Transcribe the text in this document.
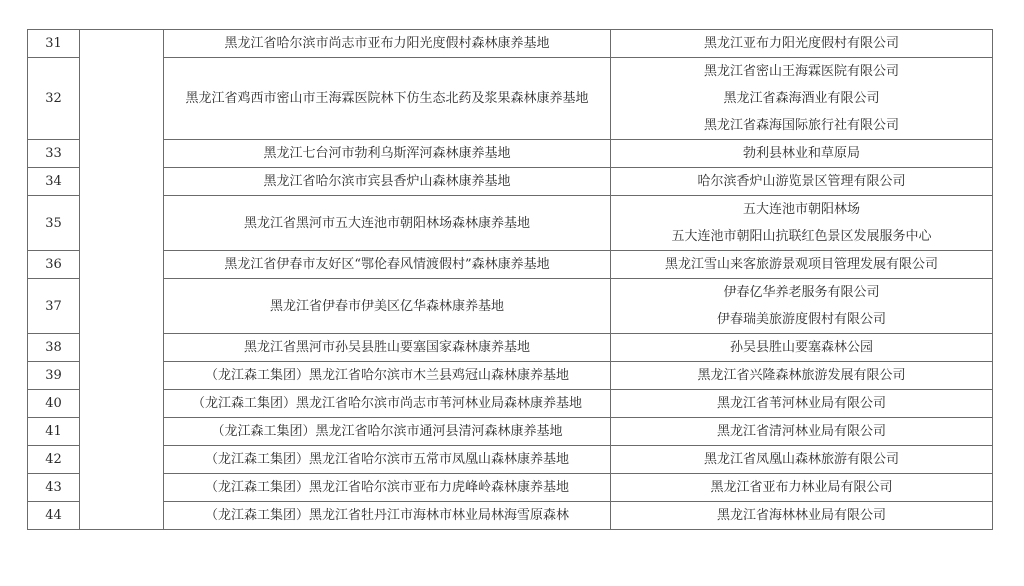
31		黑龙江省哈尔滨市尚志市亚布力阳光度假村森林康养基地	黑龙江亚布力阳光度假村有限公司

32		黑龙江省鸡西市密山市王海霖医院林下仿生态北药及浆果森林康养基地	黑龙江省密山王海霖医院有限公司
黑龙江省森海酒业有限公司
黑龙江省森海国际旅行社有限公司

33		黑龙江七台河市勃利乌斯浑河森林康养基地	勃利县林业和草原局

34		黑龙江省哈尔滨市宾县香炉山森林康养基地	哈尔滨香炉山游览景区管理有限公司

35		黑龙江省黑河市五大连池市朝阳林场森林康养基地	五大连池市朝阳林场
五大连池市朝阳山抗联红色景区发展服务中心

36		黑龙江省伊春市友好区“鄂伦春风情渡假村”森林康养基地	黑龙江雪山来客旅游景观项目管理发展有限公司

37		黑龙江省伊春市伊美区亿华森林康养基地	伊春亿华养老服务有限公司
伊春瑞美旅游度假村有限公司

38		黑龙江省黑河市孙吴县胜山要塞国家森林康养基地	孙吴县胜山要塞森林公园

39		（龙江森工集团）黑龙江省哈尔滨市木兰县鸡冠山森林康养基地	黑龙江省兴隆森林旅游发展有限公司

40		（龙江森工集团）黑龙江省哈尔滨市尚志市苇河林业局森林康养基地	黑龙江省苇河林业局有限公司

41		（龙江森工集团）黑龙江省哈尔滨市通河县清河森林康养基地	黑龙江省清河林业局有限公司

42		（龙江森工集团）黑龙江省哈尔滨市五常市凤凰山森林康养基地	黑龙江省凤凰山森林旅游有限公司

43		（龙江森工集团）黑龙江省哈尔滨市亚布力虎峰岭森林康养基地	黑龙江省亚布力林业局有限公司

44		（龙江森工集团）黑龙江省牡丹江市海林市林业局林海雪原森林	黑龙江省海林林业局有限公司
